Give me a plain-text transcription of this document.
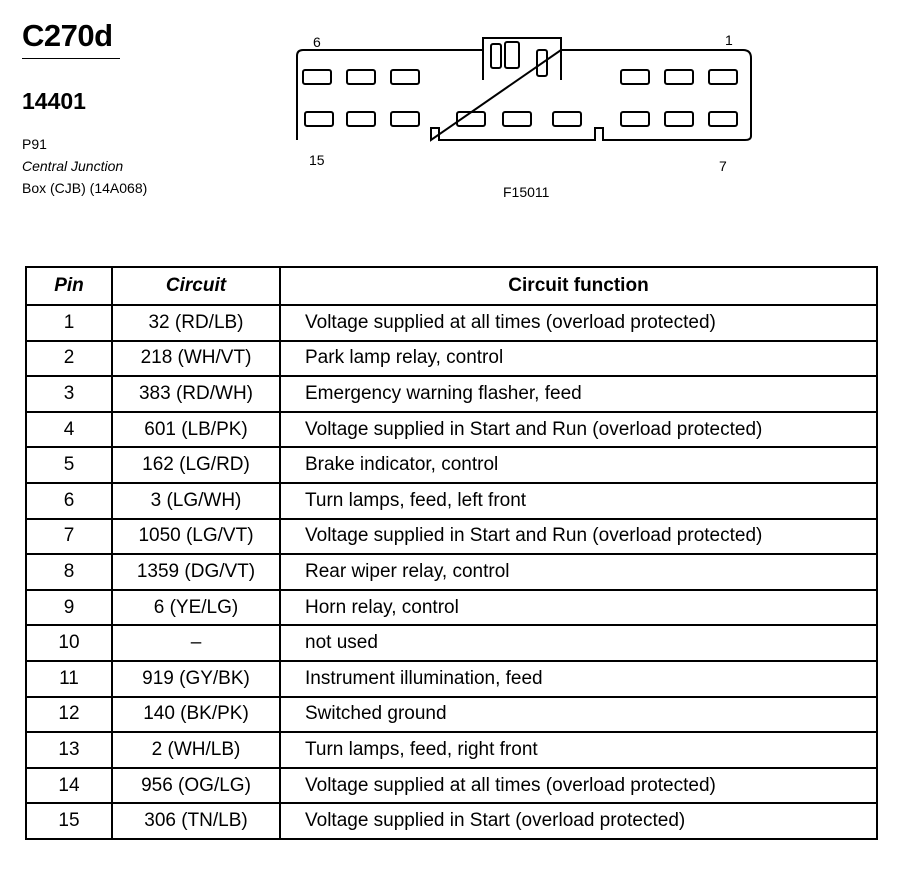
C270d
14401
P91
Central Junction
Box (CJB) (14A068)
6	1
15	7
F15011
Pin	Circuit	Circuit function
1	32 (RD/LB)	Voltage supplied at all times (overload protected)
2	218 (WH/VT)	Park lamp relay, control
3	383 (RD/WH)	Emergency warning flasher, feed
4	601 (LB/PK)	Voltage supplied in Start and Run (overload protected)
5	162 (LG/RD)	Brake indicator, control
6	3 (LG/WH)	Turn lamps, feed, left front
7	1050 (LG/VT)	Voltage supplied in Start and Run (overload protected)
8	1359 (DG/VT)	Rear wiper relay, control
9	6 (YE/LG)	Horn relay, control
10	–	not used
11	919 (GY/BK)	Instrument illumination, feed
12	140 (BK/PK)	Switched ground
13	2 (WH/LB)	Turn lamps, feed, right front
14	956 (OG/LG)	Voltage supplied at all times (overload protected)
15	306 (TN/LB)	Voltage supplied in Start (overload protected)
